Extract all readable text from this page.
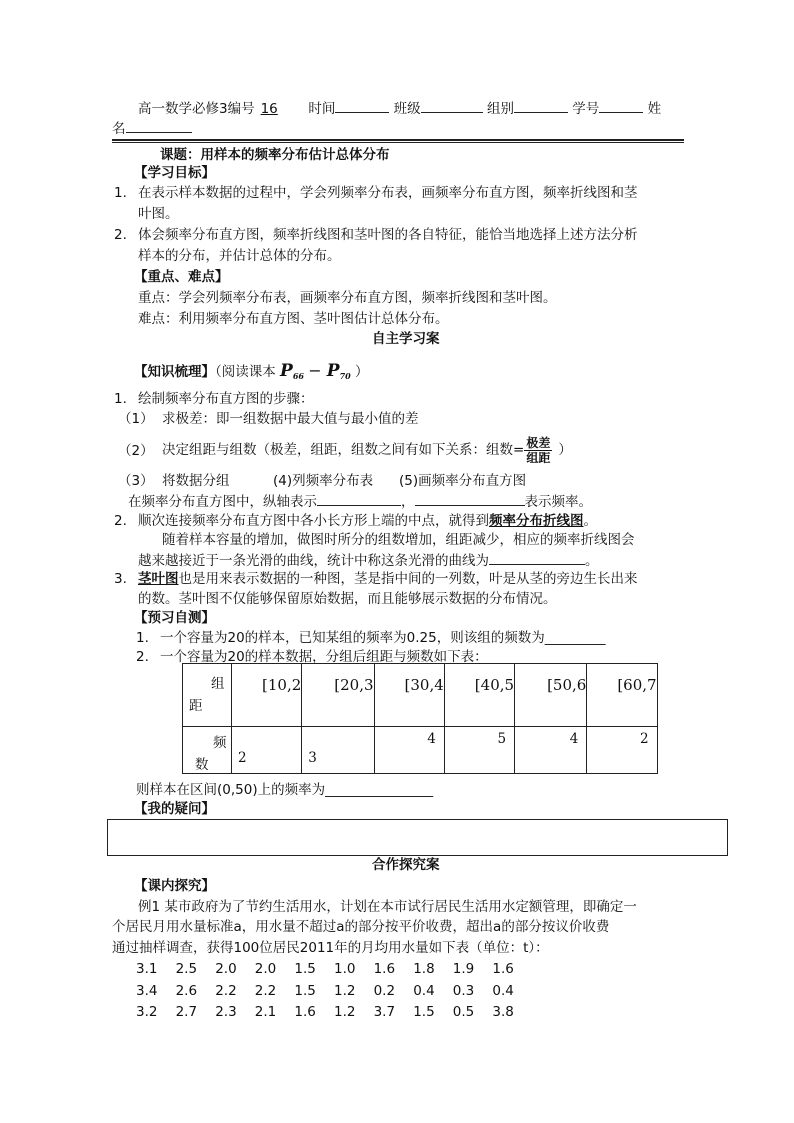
高一数学必修3编号 16 时间	班级	组别	学号	姓
名
课题：用样本的频率分布估计总体分布
【学习目标】
1. 在表示样本数据的过程中，学会列频率分布表，画频率分布直方图，频率折线图和茎
叶图。
2. 体会频率分布直方图，频率折线图和茎叶图的各自特征，能恰当地选择上述方法分析
样本的分布，并估计总体的分布。
【重点、难点】
重点：学会列频率分布表，画频率分布直方图，频率折线图和茎叶图。
难点：利用频率分布直方图、茎叶图估计总体分布。
自主学习案
【知识梳理】（阅读课本 $P_{66} - P_{70}$ ）
1. 绘制频率分布直方图的步骤：
（1） 求极差：即一组数据中最大值与最小值的差
（2） 决定组距与组数（极差，组距，组数之间有如下关系：组数= $\frac{\text{极差}}{\text{组距}}$ ）
（3） 将数据分组	(4)列频率分布表 (5)画频率分布直方图
在频率分布直方图中，纵轴表示	，	表示频率。
2. 顺次连接频率分布直方图中各小长方形上端的中点，就得到频率分布折线图。
随着样本容量的增加，做图时所分的组数增加，组距减少，相应的频率折线图会
越来越接近于一条光滑的曲线，统计中称这条光滑的曲线为	。
3. 茎叶图也是用来表示数据的一种图，茎是指中间的一列数，叶是从茎的旁边生长出来
的数。茎叶图不仅能够保留原始数据，而且能够展示数据的分布情况。
【预习自测】
1. 一个容量为20的样本，已知某组的频率为0.25，则该组的频数为_________
2. 一个容量为20的样本数据，分组后组距与频数如下表：
组
距	[10,2	[20,3	[30,4	[40,5	[50,6	[60,7

频
数	2	3	4	5	4	2
则样本在区间(0,50)上的频率为________________
【我的疑问】
合作探究案
【课内探究】
例1 某市政府为了节约生活用水，计划在本市试行居民生活用水定额管理，即确定一
个居民月用水量标准a，用水量不超过a的部分按平价收费，超出a的部分按议价收费
通过抽样调查，获得100位居民2011年的月均用水量如下表（单位：t）：
3.1 2.5 2.0 2.0 1.5 1.0 1.6 1.8 1.9 1.6
3.4 2.6 2.2 2.2 1.5 1.2 0.2 0.4 0.3 0.4
3.2 2.7 2.3 2.1 1.6 1.2 3.7 1.5 0.5 3.8
